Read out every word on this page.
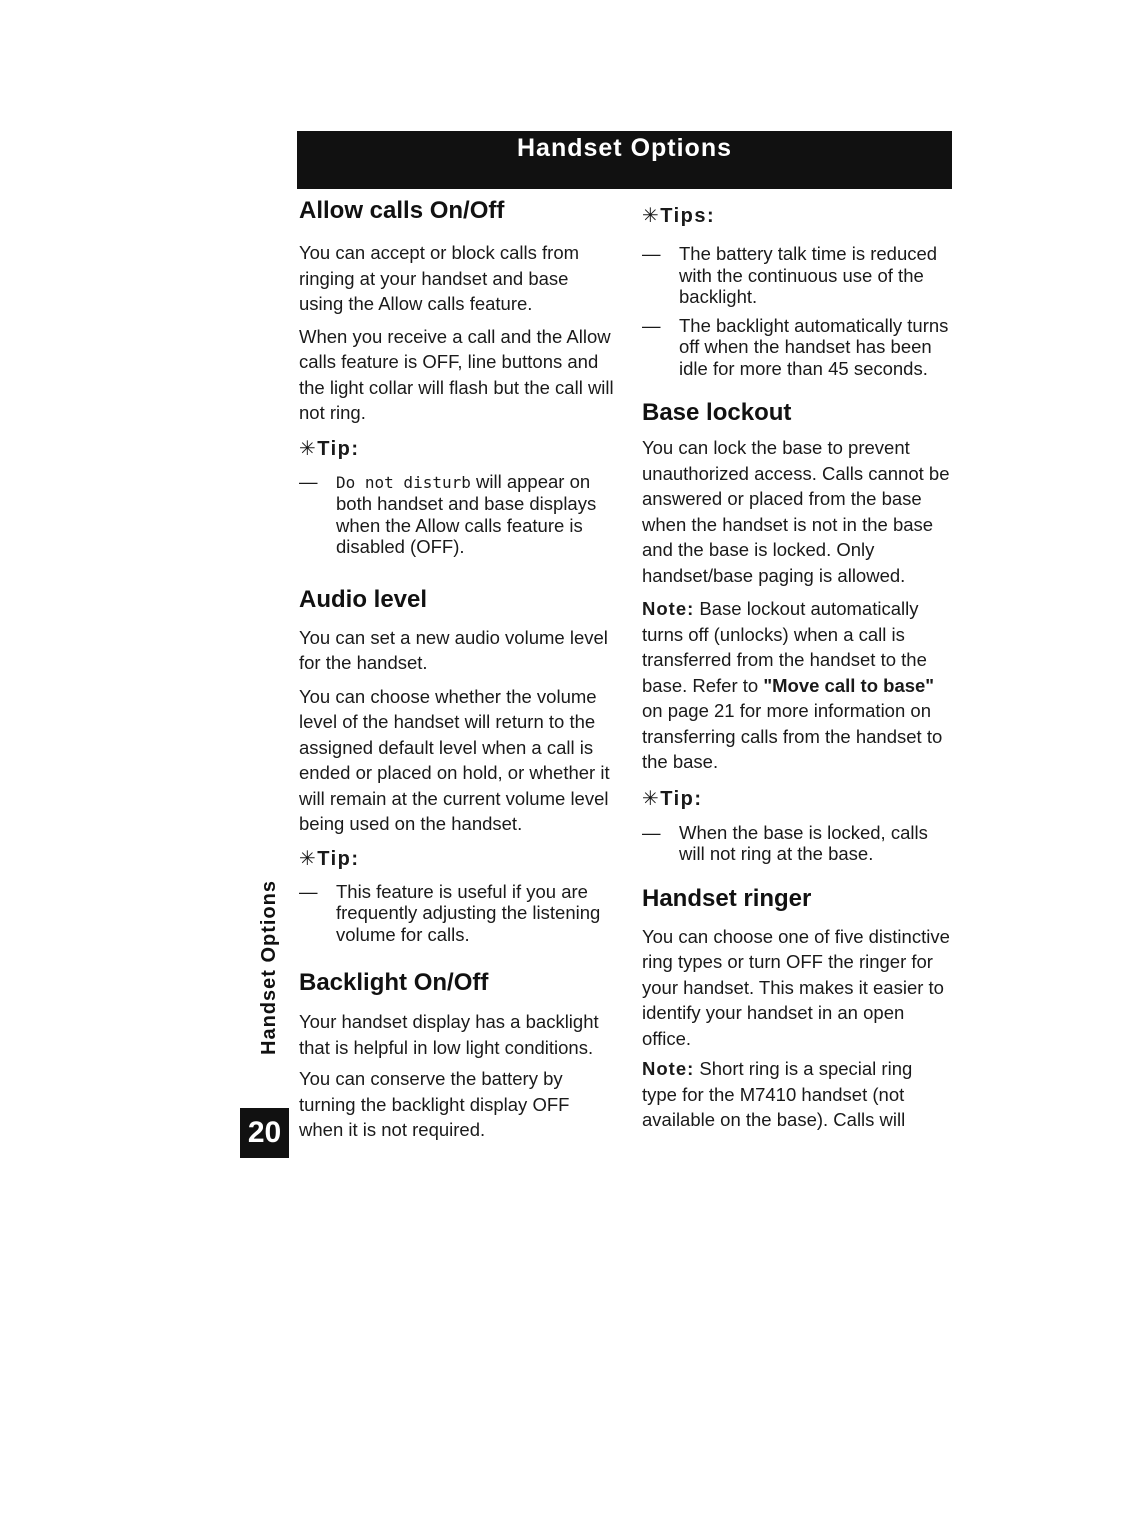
Handset Options
Allow calls On/Off

You can accept or block calls from ringing at your handset and base using the Allow calls feature.

When you receive a call and the Allow calls feature is OFF, line buttons and the light collar will flash but the call will not ring.

✳Tip:
— Do not disturb will appear on both handset and base displays when the Allow calls feature is disabled (OFF).
Audio level

You can set a new audio volume level for the handset.

You can choose whether the volume level of the handset will return to the assigned default level when a call is ended or placed on hold, or whether it will remain at the current volume level being used on the handset.

✳Tip:
— This feature is useful if you are frequently adjusting the listening volume for calls.
Backlight On/Off

Your handset display has a backlight that is helpful in low light conditions.

You can conserve the battery by turning the backlight display OFF when it is not required.

✳Tips:
— The battery talk time is reduced with the continuous use of the backlight.
— The backlight automatically turns off when the handset has been idle for more than 45 seconds.
Base lockout

You can lock the base to prevent unauthorized access. Calls cannot be answered or placed from the base when the handset is not in the base and the base is locked. Only handset/base paging is allowed.

Note: Base lockout automatically turns off (unlocks) when a call is transferred from the handset to the base. Refer to "Move call to base" on page 21 for more information on transferring calls from the handset to the base.

✳Tip:
— When the base is locked, calls will not ring at the base.
Handset ringer

You can choose one of five distinctive ring types or turn OFF the ringer for your handset. This makes it easier to identify your handset in an open office.

Note: Short ring is a special ring type for the M7410 handset (not available on the base). Calls will

Handset Options
20
